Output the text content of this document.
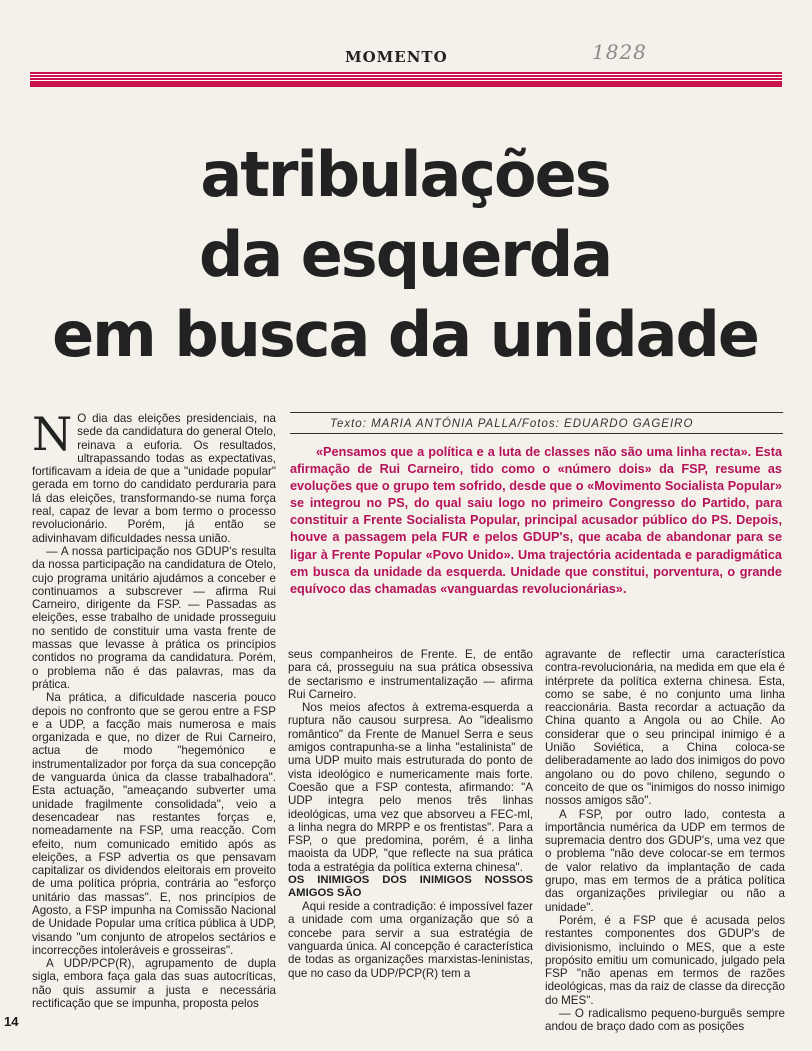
MOMENTO	1828
atribulações
da esquerda
em busca da unidade
Texto: MARIA ANTÓNIA PALLA/Fotos: EDUARDO GAGEIRO
«Pensamos que a política e a luta de classes não são uma linha recta». Esta afirmação de Rui Carneiro, tido como o «número dois» da FSP, resume as evoluções que o grupo tem sofrido, desde que o «Movimento Socialista Popular» se integrou no PS, do qual saiu logo no primeiro Congresso do Partido, para constituir a Frente Socialista Popular, principal acusador público do PS. Depois, houve a passagem pela FUR e pelos GDUP's, que acaba de abandonar para se ligar à Frente Popular «Povo Unido». Uma trajectória acidentada e paradigmática em busca da unidade da esquerda. Unidade que constitui, porventura, o grande equívoco das chamadas «vanguardas revolucionárias».

N O dia das eleições presidenciais, na sede da candidatura do general Otelo, reinava a euforia. Os resultados, ultrapassando todas as expectativas, fortificavam a ideia de que a "unidade popular" gerada em torno do candidato perduraria para lá das eleições, transformando-se numa força real, capaz de levar a bom termo o processo revolucionário. Porém, já então se adivinhavam dificuldades nessa união.

— A nossa participação nos GDUP's resulta da nossa participação na candidatura de Otelo, cujo programa unitário ajudámos a conceber e continuamos a subscrever — afirma Rui Carneiro, dirigente da FSP. — Passadas as eleições, esse trabalho de unidade prosseguiu no sentido de constituir uma vasta frente de massas que levasse à prática os princípios contidos no programa da candidatura. Porém, o problema não é das palavras, mas da prática.

Na prática, a dificuldade nasceria pouco depois no confronto que se gerou entre a FSP e a UDP, a facção mais numerosa e mais organizada e que, no dizer de Rui Carneiro, actua de modo "hegemónico e instrumentalizador por força da sua concepção de vanguarda única da classe trabalhadora". Esta actuação, "ameaçando subverter uma unidade fragilmente consolidada", veio a desencadear nas restantes forças e, nomeadamente na FSP, uma reacção. Com efeito, num comunicado emitido após as eleições, a FSP advertia os que pensavam capitalizar os dividendos eleitorais em proveito de uma política própria, contrária ao "esforço unitário das massas". E, nos princípios de Agosto, a FSP impunha na Comissão Nacional de Unidade Popular uma crítica pública à UDP, visando "um conjunto de atropelos sectários e incorrecções intoleráveis e grosseiras".

A UDP/PCP(R), agrupamento de dupla sigla, embora faça gala das suas autocríticas, não quis assumir a justa e necessária rectificação que se impunha, proposta pelos

seus companheiros de Frente. E, de então para cá, prosseguiu na sua prática obsessiva de sectarismo e instrumentalização — afirma Rui Carneiro.

Nos meios afectos à extrema-esquerda a ruptura não causou surpresa. Ao "idealismo romântico" da Frente de Manuel Serra e seus amigos contrapunha-se a linha "estalinista" de uma UDP muito mais estruturada do ponto de vista ideológico e numericamente mais forte. Coesão que a FSP contesta, afirmando: "A UDP integra pelo menos três linhas ideológicas, uma vez que absorveu a FEC-ml, a linha negra do MRPP e os frentistas". Para a FSP, o que predomina, porém, é a linha maoista da UDP, "que reflecte na sua prática toda a estratégia da política externa chinesa".

OS INIMIGOS DOS INIMIGOS NOSSOS AMIGOS SÃO

Aqui reside a contradição: é impossível fazer a unidade com uma organização que só a concebe para servir a sua estratégia de vanguarda única. Al concepção é característica de todas as organizações marxistas-leninistas, que no caso da UDP/PCP(R) tem a

agravante de reflectir uma característica contra-revolucionária, na medida em que ela é intérprete da política externa chinesa. Esta, como se sabe, é no conjunto uma linha reaccionária. Basta recordar a actuação da China quanto a Angola ou ao Chile. Ao considerar que o seu principal inimigo é a União Soviética, a China coloca-se deliberadamente ao lado dos inimigos do povo angolano ou do povo chileno, segundo o conceito de que os "inimigos do nosso inimigo nossos amigos são".

A FSP, por outro lado, contesta a importância numérica da UDP em termos de supremacia dentro dos GDUP's, uma vez que o problema "não deve colocar-se em termos de valor relativo da implantação de cada grupo, mas em termos de a prática política das organizações privilegiar ou não a unidade".

Porém, é a FSP que é acusada pelos restantes componentes dos GDUP's de divisionismo, incluindo o MES, que a este propósito emitiu um comunicado, julgado pela FSP "não apenas em termos de razões ideológicas, mas da raiz de classe da direcção do MES".

— O radicalismo pequeno-burguês sempre andou de braço dado com as posições

14
